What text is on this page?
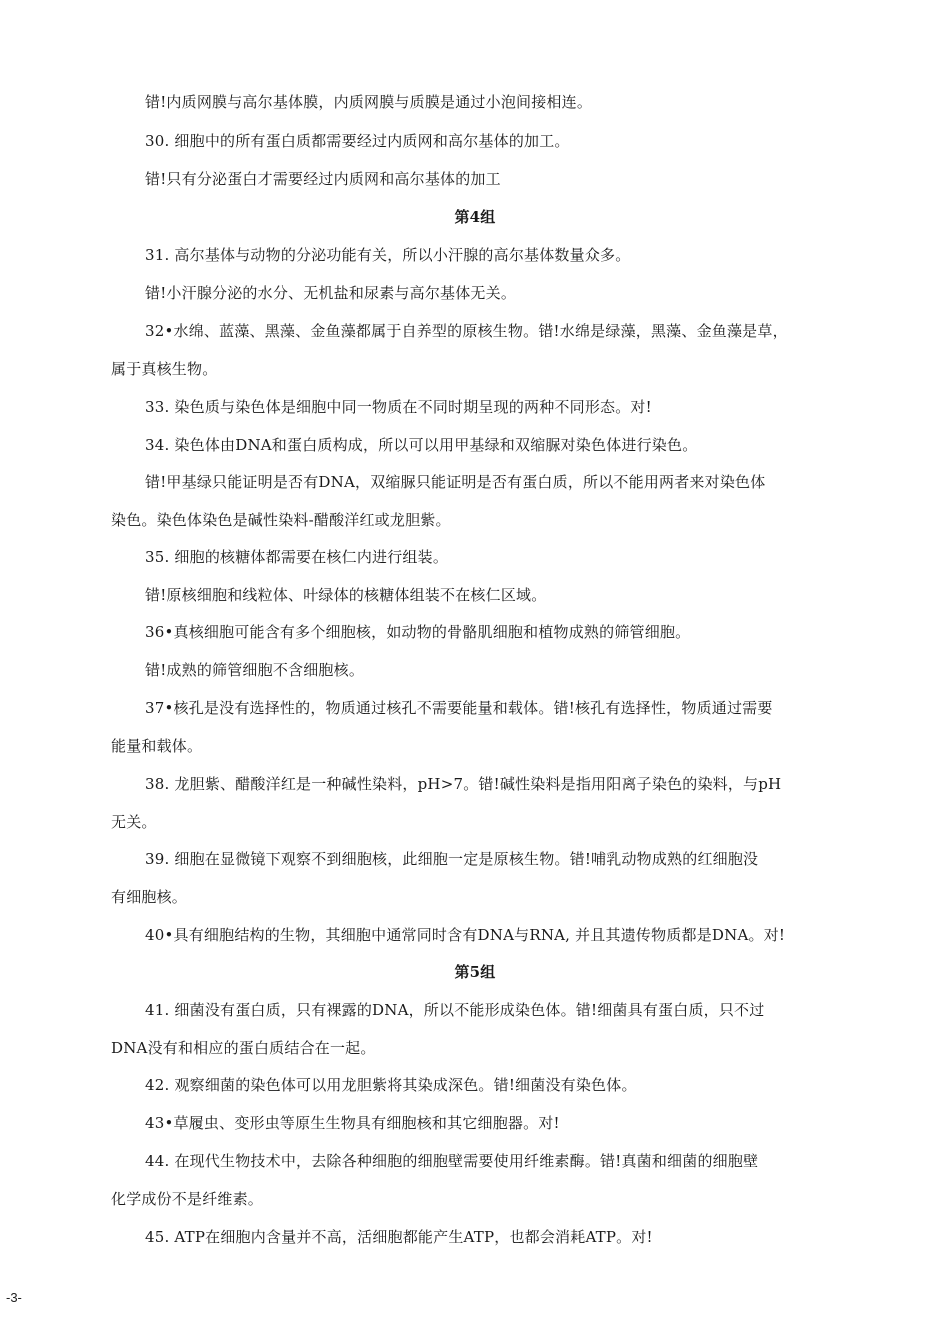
错!内质网膜与高尔基体膜，内质网膜与质膜是通过小泡间接相连。
30. 细胞中的所有蛋白质都需要经过内质网和高尔基体的加工。
错!只有分泌蛋白才需要经过内质网和高尔基体的加工
第4组
31. 高尔基体与动物的分泌功能有关，所以小汗腺的高尔基体数量众多。
错!小汗腺分泌的水分、无机盐和尿素与高尔基体无关。
32•水绵、蓝藻、黑藻、金鱼藻都属于自养型的原核生物。错!水绵是绿藻，黑藻、金鱼藻是草，
属于真核生物。
33. 染色质与染色体是细胞中同一物质在不同时期呈现的两种不同形态。对!
34. 染色体由DNA和蛋白质构成，所以可以用甲基绿和双缩脲对染色体进行染色。
错!甲基绿只能证明是否有DNA，双缩脲只能证明是否有蛋白质，所以不能用两者来对染色体
染色。染色体染色是碱性染料-醋酸洋红或龙胆紫。
35. 细胞的核糖体都需要在核仁内进行组装。
错!原核细胞和线粒体、叶绿体的核糖体组装不在核仁区域。
36•真核细胞可能含有多个细胞核，如动物的骨骼肌细胞和植物成熟的筛管细胞。
错!成熟的筛管细胞不含细胞核。
37•核孔是没有选择性的，物质通过核孔不需要能量和载体。错!核孔有选择性，物质通过需要
能量和载体。
38. 龙胆紫、醋酸洋红是一种碱性染料，pH>7。错!碱性染料是指用阳离子染色的染料，与pH
无关。
39. 细胞在显微镜下观察不到细胞核，此细胞一定是原核生物。错!哺乳动物成熟的红细胞没
有细胞核。
40•具有细胞结构的生物，其细胞中通常同时含有DNA与RNA, 并且其遗传物质都是DNA。对!
第5组
41. 细菌没有蛋白质，只有裸露的DNA，所以不能形成染色体。错!细菌具有蛋白质，只不过
DNA没有和相应的蛋白质结合在一起。
42. 观察细菌的染色体可以用龙胆紫将其染成深色。错!细菌没有染色体。
43•草履虫、变形虫等原生生物具有细胞核和其它细胞器。对!
44. 在现代生物技术中，去除各种细胞的细胞壁需要使用纤维素酶。错!真菌和细菌的细胞壁
化学成份不是纤维素。
45. ATP在细胞内含量并不高，活细胞都能产生ATP，也都会消耗ATP。对!
-3-
